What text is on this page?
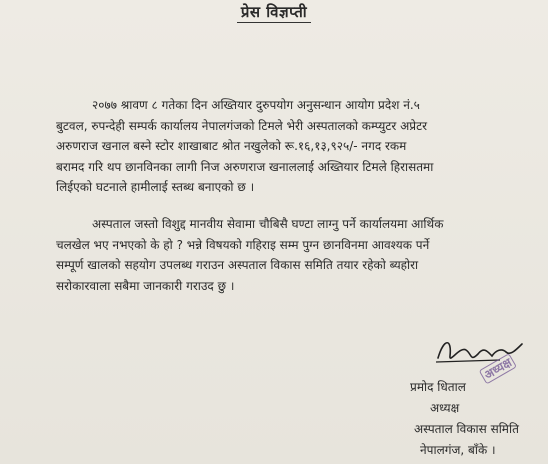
प्रेस विज्ञप्ती
२०७७ श्रावण ८ गतेका दिन अख्तियार दुरुपयोग अनुसन्धान आयोग प्रदेश नं.५
बुटवल, रुपन्देही सम्पर्क कार्यालय नेपालगंजको टिमले भेरी अस्पतालको कम्प्युटर अप्रेटर
अरुणराज खनाल बस्ने स्टोर शाखाबाट श्रोत नखुलेको रू.१६,१३,९२५/- नगद रकम
बरामद गरि थप छानविनका लागी निज अरुणराज खनाललाई अख्तियार टिमले हिरासतमा
लिईएको घटनाले हामीलाई स्तब्ध बनाएको छ ।
अस्पताल जस्तो विशुद्द मानवीय सेवामा चौबिसै घण्टा लाग्नु पर्ने कार्यालयमा आर्थिक
चलखेल भए नभएको के हो ? भन्ने विषयको गहिराइ सम्म पुग्न छानविनमा आवश्यक पर्ने
सम्पूर्ण खालको सहयोग उपलब्ध गराउन अस्पताल विकास समिति तयार रहेको ब्यहोरा
सरोकारवाला सबैमा जानकारी गराउद छु ।
अध्यक्ष
प्रमोद धिताल
अध्यक्ष
अस्पताल विकास समिति
नेपालगंज, बाँके ।
